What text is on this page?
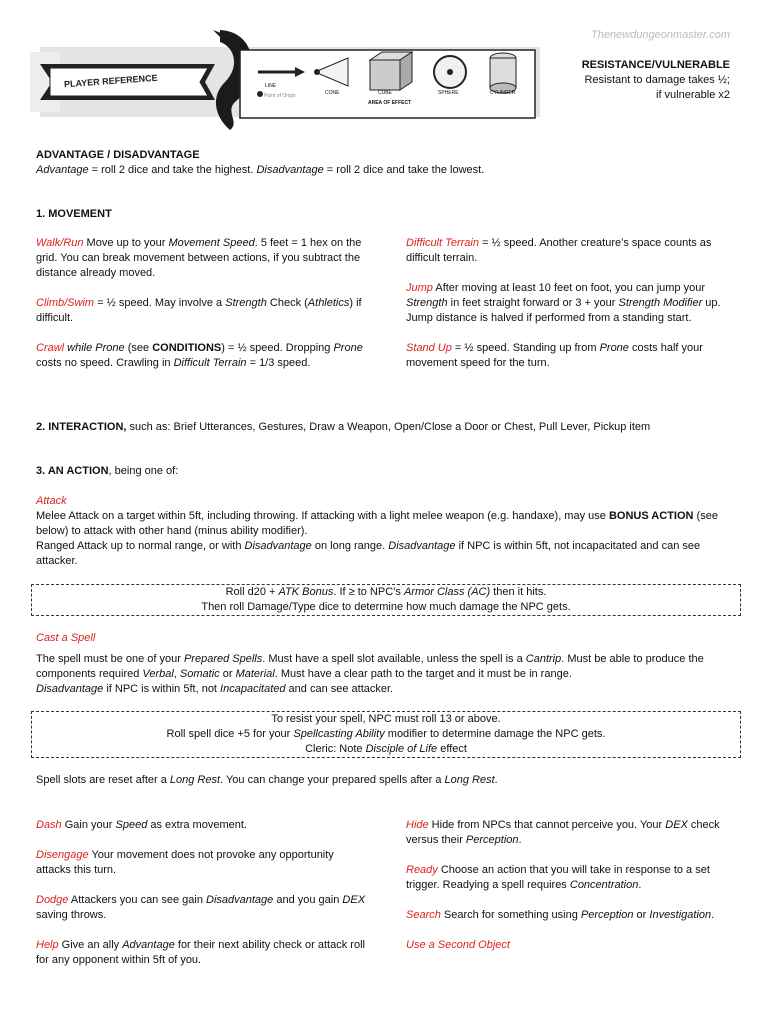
Thenewdungeonmaster.com
PLAYER REFERENCE	LINE
CONE	CUBE	SPHERE	CYLINDER
Point of Origin
AREA OF EFFECT
RESISTANCE/VULNERABLE
Resistant to damage takes ½;
if vulnerable x2

ADVANTAGE / DISADVANTAGE

Advantage = roll 2 dice and take the highest. Disadvantage = roll 2 dice and take the lowest.

1. MOVEMENT

Walk/Run Move up to your Movement Speed. 5 feet = 1 hex on the grid. You can break movement between actions, if you subtract the distance already moved.

Climb/Swim = ½ speed. May involve a Strength Check (Athletics) if difficult.

Crawl while Prone (see CONDITIONS) = ½ speed. Dropping Prone costs no speed. Crawling in Difficult Terrain = 1/3 speed.

Difficult Terrain = ½ speed. Another creature’s space counts as difficult terrain.

Jump After moving at least 10 feet on foot, you can jump your Strength in feet straight forward or 3 + your Strength Modifier up. Jump distance is halved if performed from a standing start.

Stand Up = ½ speed. Standing up from Prone costs half your movement speed for the turn.

2. INTERACTION, such as: Brief Utterances, Gestures, Draw a Weapon, Open/Close a Door or Chest, Pull Lever, Pickup item
3. AN ACTION, being one of:

Attack

Melee Attack on a target within 5ft, including throwing. If attacking with a light melee weapon (e.g. handaxe), may use BONUS ACTION (see below) to attack with other hand (minus ability modifier).

Ranged Attack up to normal range, or with Disadvantage on long range. Disadvantage if NPC is within 5ft, not incapacitated and can see attacker.

Roll d20 + ATK Bonus. If ≥ to NPC’s Armor Class (AC) then it hits.
Then roll Damage/Type dice to determine how much damage the NPC gets.

Cast a Spell

The spell must be one of your Prepared Spells. Must have a spell slot available, unless the spell is a Cantrip. Must be able to produce the components required Verbal, Somatic or Material. Must have a clear path to the target and it must be in range.
Disadvantage if NPC is within 5ft, not Incapacitated and can see attacker.

To resist your spell, NPC must roll 13 or above.
Roll spell dice +5 for your Spellcasting Ability modifier to determine damage the NPC gets.
Cleric: Note Disciple of Life effect
Spell slots are reset after a Long Rest. You can change your prepared spells after a Long Rest.

Dash Gain your Speed as extra movement.

Disengage Your movement does not provoke any opportunity attacks this turn.

Dodge Attackers you can see gain Disadvantage and you gain DEX saving throws.

Help Give an ally Advantage for their next ability check or attack roll for any opponent within 5ft of you.

Hide Hide from NPCs that cannot perceive you. Your DEX check versus their Perception.

Ready Choose an action that you will take in response to a set trigger. Readying a spell requires Concentration.

Search Search for something using Perception or Investigation.

Use a Second Object
